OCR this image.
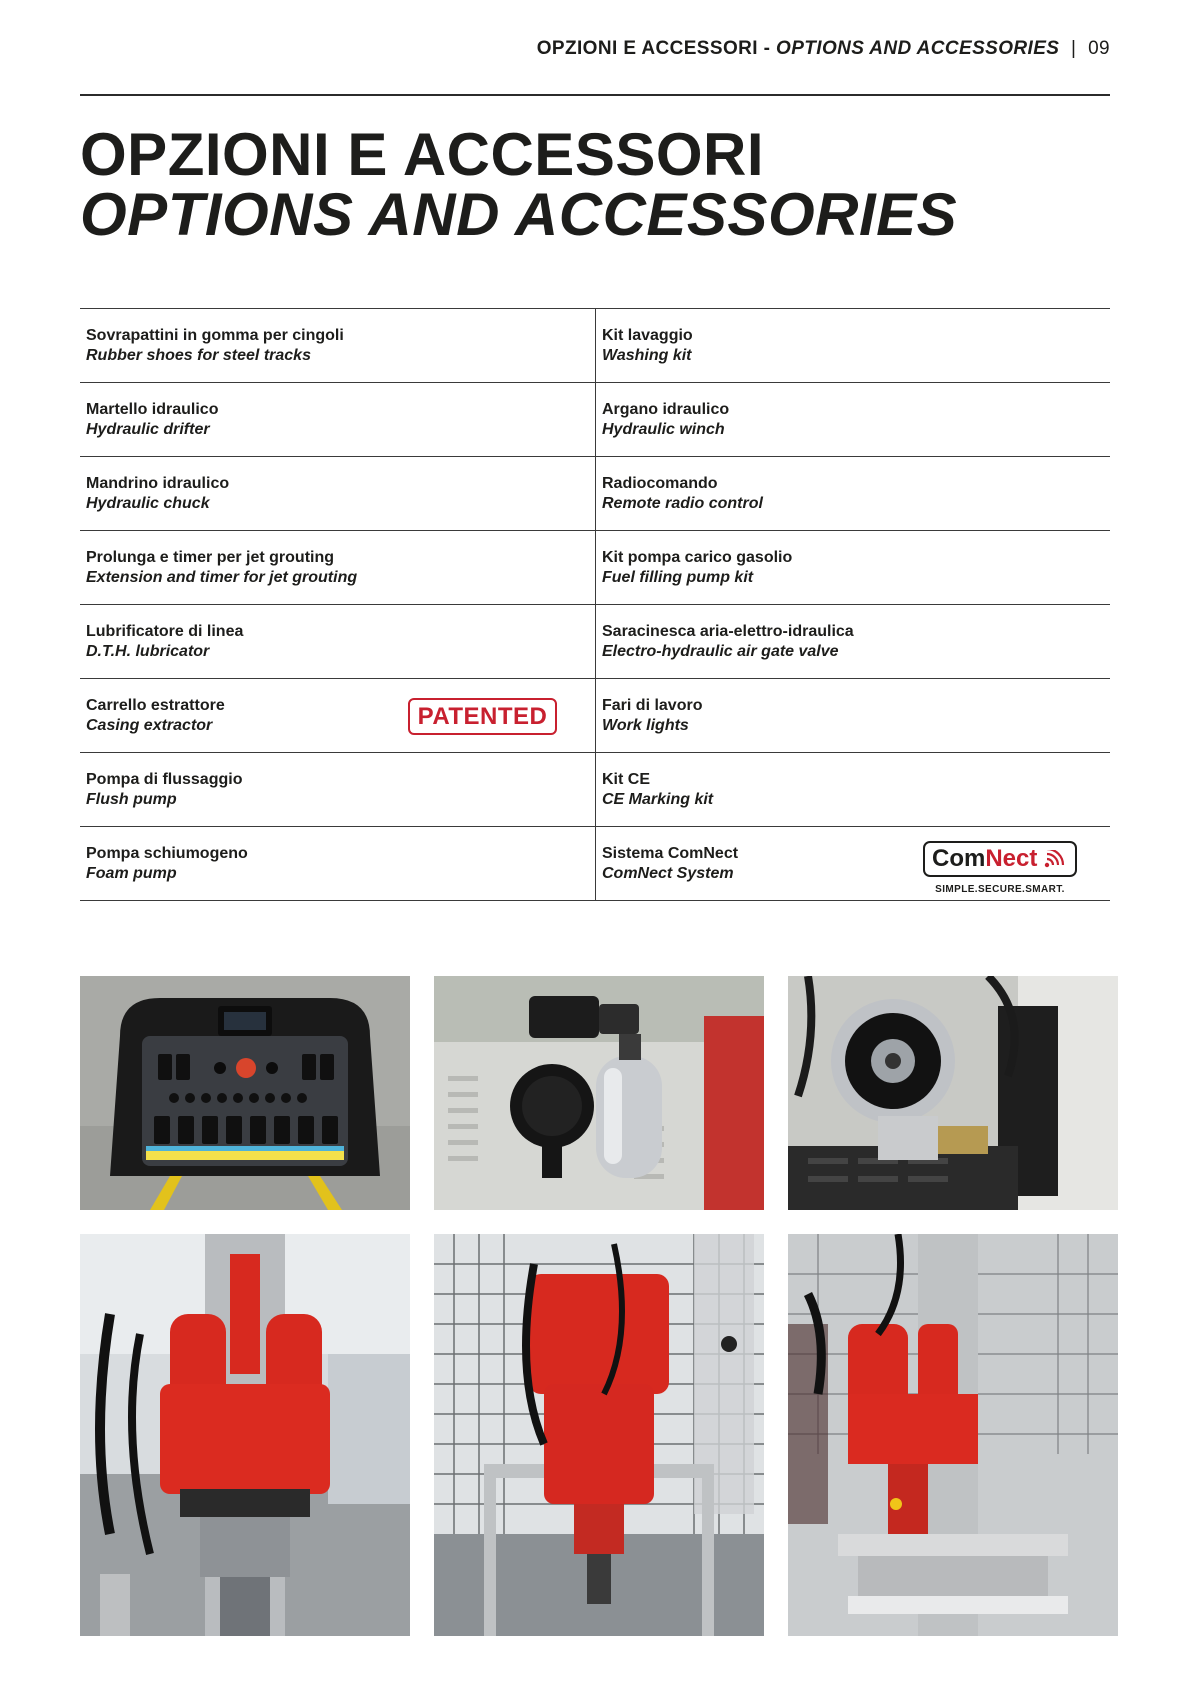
OPZIONI E ACCESSORI - OPTIONS AND ACCESSORIES | 09
OPZIONI E ACCESSORI
OPTIONS AND ACCESSORIES
Sovrapattini in gomma per cingoli
Rubber shoes for steel tracks
Kit lavaggio
Washing kit
Martello idraulico
Hydraulic drifter
Argano idraulico
Hydraulic winch
Mandrino idraulico
Hydraulic chuck
Radiocomando
Remote radio control
Prolunga e timer per jet grouting
Extension and timer for jet grouting
Kit pompa carico gasolio
Fuel filling pump kit
Lubrificatore di linea
D.T.H. lubricator
Saracinesca aria-elettro-idraulica
Electro-hydraulic air gate valve
Carrello estrattore
Casing extractor	PATENTED	Fari di lavoro
Work lights
Pompa di flussaggio
Flush pump
Kit CE
CE Marking kit
Pompa schiumogeno
Foam pump
Sistema ComNect
ComNect System
ComNect
SIMPLE.SECURE.SMART.
